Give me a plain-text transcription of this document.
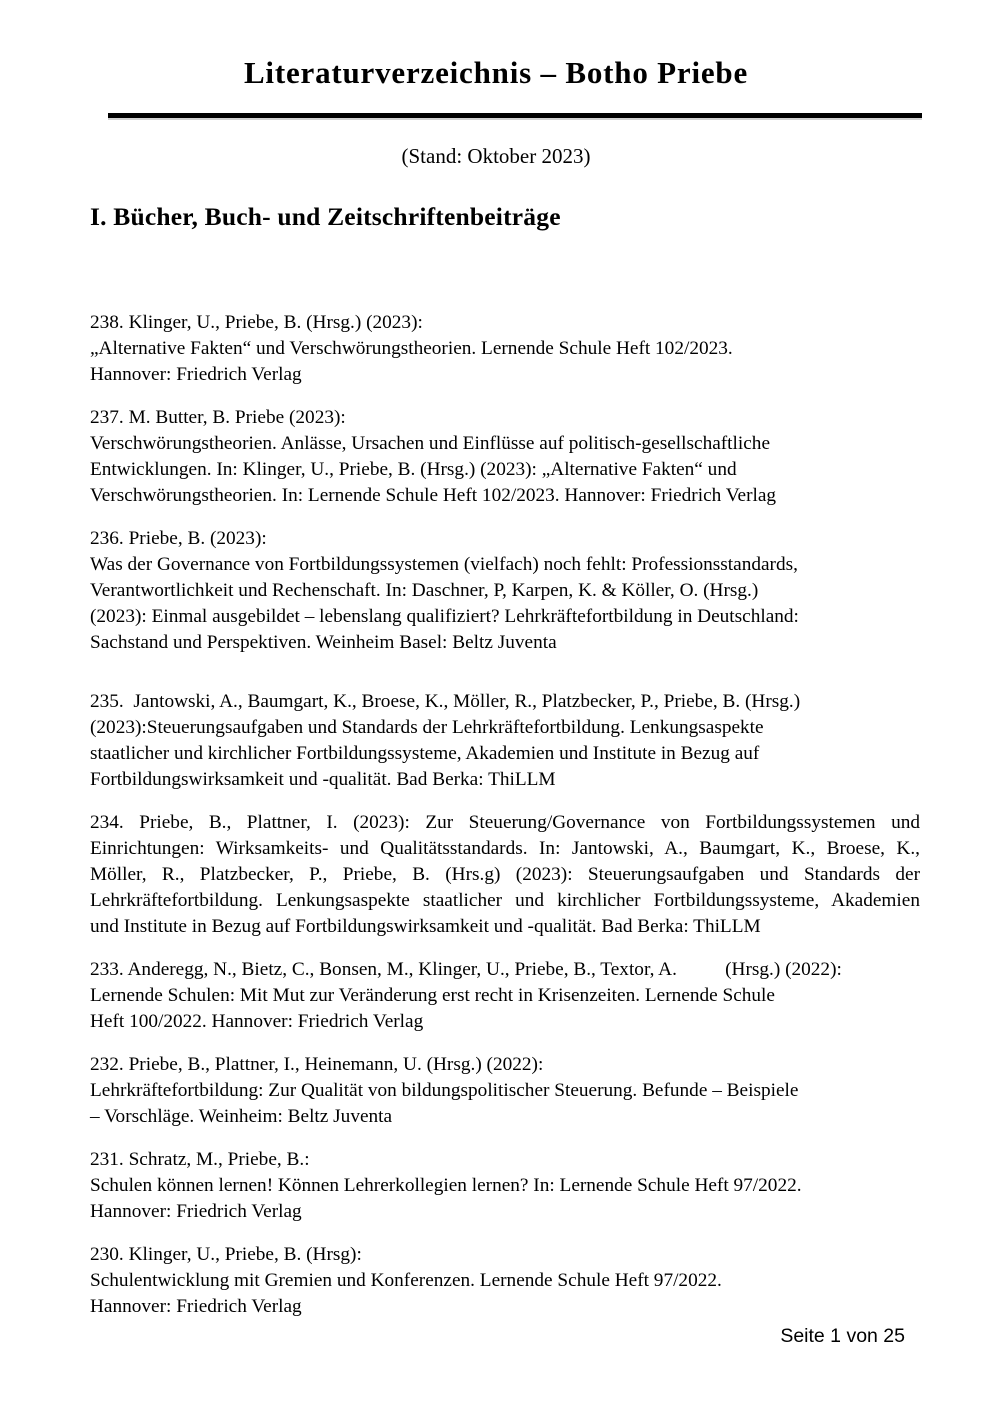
Literaturverzeichnis – Botho Priebe

(Stand: Oktober 2023)

I. Bücher, Buch- und Zeitschriftenbeiträge
238. Klinger, U., Priebe, B. (Hrsg.) (2023):
„Alternative Fakten“ und Verschwörungstheorien. Lernende Schule Heft 102/2023.
Hannover: Friedrich Verlag
237. M. Butter, B. Priebe (2023):
Verschwörungstheorien. Anlässe, Ursachen und Einflüsse auf politisch-gesellschaftliche
Entwicklungen. In: Klinger, U., Priebe, B. (Hrsg.) (2023): „Alternative Fakten“ und
Verschwörungstheorien. In: Lernende Schule Heft 102/2023. Hannover: Friedrich Verlag
236. Priebe, B. (2023):
Was der Governance von Fortbildungssystemen (vielfach) noch fehlt: Professionsstandards,
Verantwortlichkeit und Rechenschaft. In: Daschner, P, Karpen, K. & Köller, O. (Hrsg.)
(2023): Einmal ausgebildet – lebenslang qualifiziert? Lehrkräftefortbildung in Deutschland:
Sachstand und Perspektiven. Weinheim Basel: Beltz Juventa
235.  Jantowski, A., Baumgart, K., Broese, K., Möller, R., Platzbecker, P., Priebe, B. (Hrsg.)
(2023):Steuerungsaufgaben und Standards der Lehrkräftefortbildung. Lenkungsaspekte
staatlicher und kirchlicher Fortbildungssysteme, Akademien und Institute in Bezug auf
Fortbildungswirksamkeit und -qualität. Bad Berka: ThiLLM
234. Priebe, B., Plattner, I. (2023): Zur Steuerung/Governance von Fortbildungssystemen und
Einrichtungen: Wirksamkeits- und Qualitätsstandards. In: Jantowski, A., Baumgart, K., Broese, K.,
Möller, R., Platzbecker, P., Priebe, B. (Hrs.g) (2023): Steuerungsaufgaben und Standards der
Lehrkräftefortbildung. Lenkungsaspekte staatlicher und kirchlicher Fortbildungssysteme, Akademien
und Institute in Bezug auf Fortbildungswirksamkeit und -qualität. Bad Berka: ThiLLM
233. Anderegg, N., Bietz, C., Bonsen, M., Klinger, U., Priebe, B., Textor, A.          (Hrsg.) (2022):
Lernende Schulen: Mit Mut zur Veränderung erst recht in Krisenzeiten. Lernende Schule
Heft 100/2022. Hannover: Friedrich Verlag
232. Priebe, B., Plattner, I., Heinemann, U. (Hrsg.) (2022):
Lehrkräftefortbildung: Zur Qualität von bildungspolitischer Steuerung. Befunde – Beispiele
– Vorschläge. Weinheim: Beltz Juventa
231. Schratz, M., Priebe, B.:
Schulen können lernen! Können Lehrerkollegien lernen? In: Lernende Schule Heft 97/2022.
Hannover: Friedrich Verlag
230. Klinger, U., Priebe, B. (Hrsg):
Schulentwicklung mit Gremien und Konferenzen. Lernende Schule Heft 97/2022.
Hannover: Friedrich Verlag
Seite 1 von 25
